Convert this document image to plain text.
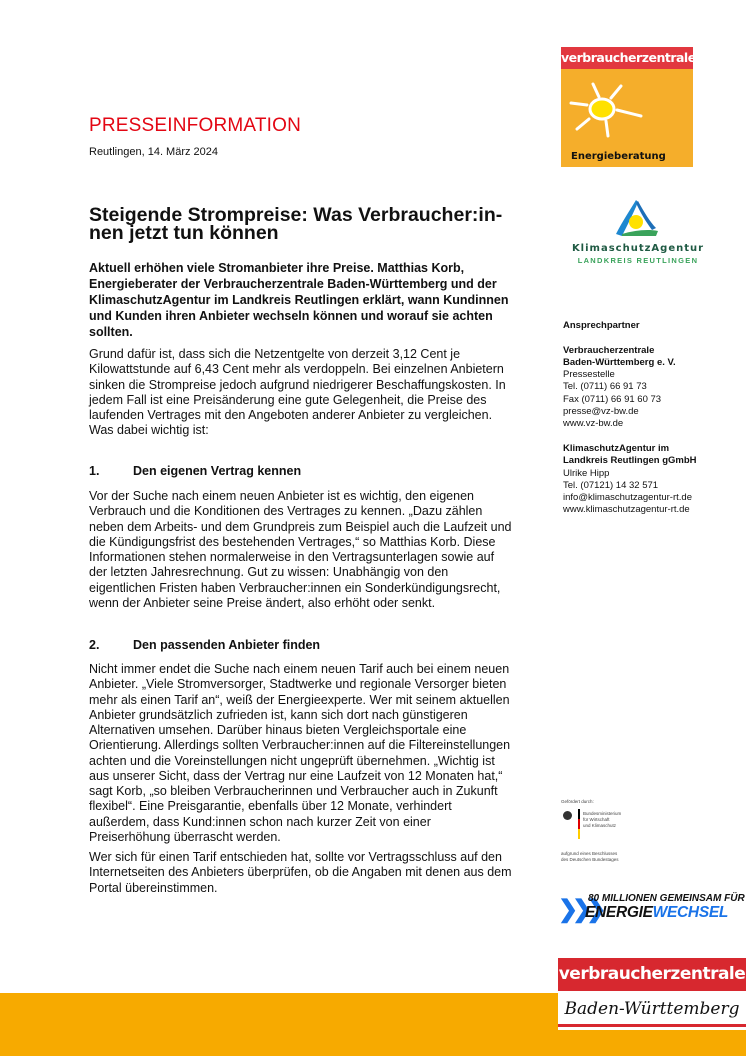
PRESSEINFORMATION
Reutlingen, 14. März 2024
Steigende Strompreise: Was Verbraucher:in-
nen jetzt tun können
Aktuell erhöhen viele Stromanbieter ihre Preise. Matthias Korb,
Energieberater der Verbraucherzentrale Baden-Württemberg und der
KlimaschutzAgentur im Landkreis Reutlingen erklärt, wann Kundinnen
und Kunden ihren Anbieter wechseln können und worauf sie achten
sollten.
Grund dafür ist, dass sich die Netzentgelte von derzeit 3,12 Cent je
Kilowattstunde auf 6,43 Cent mehr als verdoppeln. Bei einzelnen Anbietern
sinken die Strompreise jedoch aufgrund niedrigerer Beschaffungskosten. In
jedem Fall ist eine Preisänderung eine gute Gelegenheit, die Preise des
laufenden Vertrages mit den Angeboten anderer Anbieter zu vergleichen.
Was dabei wichtig ist:
1.	Den eigenen Vertrag kennen
Vor der Suche nach einem neuen Anbieter ist es wichtig, den eigenen
Verbrauch und die Konditionen des Vertrages zu kennen. „Dazu zählen
neben dem Arbeits- und dem Grundpreis zum Beispiel auch die Laufzeit und
die Kündigungsfrist des bestehenden Vertrages,“ so Matthias Korb. Diese
Informationen stehen normalerweise in den Vertragsunterlagen sowie auf
der letzten Jahresrechnung. Gut zu wissen: Unabhängig von den
eigentlichen Fristen haben Verbraucher:innen ein Sonderkündigungsrecht,
wenn der Anbieter seine Preise ändert, also erhöht oder senkt.
2.	Den passenden Anbieter finden
Nicht immer endet die Suche nach einem neuen Tarif auch bei einem neuen
Anbieter. „Viele Stromversorger, Stadtwerke und regionale Versorger bieten
mehr als einen Tarif an“, weiß der Energieexperte. Wer mit seinem aktuellen
Anbieter grundsätzlich zufrieden ist, kann sich dort nach günstigeren
Alternativen umsehen. Darüber hinaus bieten Vergleichsportale eine
Orientierung. Allerdings sollten Verbraucher:innen auf die Filtereinstellungen
achten und die Voreinstellungen nicht ungeprüft übernehmen. „Wichtig ist
aus unserer Sicht, dass der Vertrag nur eine Laufzeit von 12 Monaten hat,“
sagt Korb, „so bleiben Verbraucherinnen und Verbraucher auch in Zukunft
flexibel“. Eine Preisgarantie, ebenfalls über 12 Monate, verhindert
außerdem, dass Kund:innen schon nach kurzer Zeit von einer
Preiserhöhung überrascht werden.
Wer sich für einen Tarif entschieden hat, sollte vor Vertragsschluss auf den
Internetseiten des Anbieters überprüfen, ob die Angaben mit denen aus dem
Portal übereinstimmen.
verbraucherzentrale
Energieberatung
KlimaschutzAgentur
LANDKREIS REUTLINGEN
Ansprechpartner
Verbraucherzentrale
Baden-Württemberg e. V.
Pressestelle
Tel. (0711) 66 91 73
Fax (0711) 66 91 60 73
presse@vz-bw.de
www.vz-bw.de
KlimaschutzAgentur im
Landkreis Reutlingen gGmbH
Ulrike Hipp
Tel. (07121) 14 32 571
info@klimaschutzagentur-rt.de
www.klimaschutzagentur-rt.de
Gefördert durch:
Bundesministerium
für Wirtschaft
und Klimaschutz
aufgrund eines Beschlusses
des Deutschen Bundestages
❯❯❯
80 MILLIONEN GEMEINSAM FÜR
ENERGIEWECHSEL
verbraucherzentrale
Baden-Württemberg
